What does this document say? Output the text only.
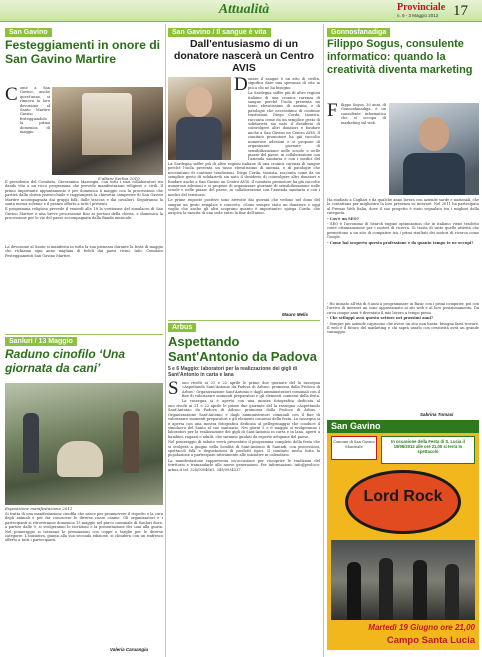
Attualità	Provinciale
n. 9 - 3 Maggio 2012 17
San Gavino
Festeggiamenti in onore di San Gavino Martire
C ome a San Gavino, anche quest'anno, si rinnova la loro devozione al Santo Martire Gavino festeggiandolo la prima domenica di maggio.
S'altare Serboi 2010

Il presidente del Comitato, Giovannino Marongiu, con tutti i suoi collaboratori sta dando vita a un ricco programma che prevede manifestazioni religiose e civili. Il primo importante appuntamento è per domenica 6 maggio con la processione che partirà dalla chiesa parrocchiale e raggiungerà la chiesetta campestre di San Gavino Martire accompagnata dai gruppi folk, dalle traccas e dai cavalieri. Seguiranno la santa messa solenne e il pranzo offerto a tutti i presenti.

Il programma religioso prevede il venerdì alle 18 la vestizione del simulacro di San Gavino Martire e una breve processione fino ai portoni della chiesa, e domenica la processione per le vie del paese accompagnata dalla Banda musicale.

La devozione al Santo si manifesta in tutta la sua pienezza durante la festa di maggio che richiama ogni anno migliaia di fedeli dai paesi vicini. Info: Comitato Festeggiamenti San Gavino Martire.
Sanluri / 13 Maggio
Raduno cinofilo ‘Una giornata da cani’
Esposizione manifestazione 2011
Si tratta di una manifestazione cinofila che nasce per promuovere il rispetto e la cura degli animali e per far conoscere le diverse razze canine. Gli organizzatori e i partecipanti si ritroveranno domenica 13 maggio nel parco comunale di Sanluri dove, a partire dalle 9, si svolgeranno le iscrizioni e la presentazione dei cani alla giuria. Nel pomeriggio si terranno le premiazioni con coppe e targhe per le diverse categorie. L'iniziativa, giunta alla sua seconda edizione, si chiuderà con un rinfresco offerto a tutti i partecipanti.
Valeria Caruangiu
San Gavino / Il sangue è vita
Dall'entusiasmo di un donatore nascerà un Centro AVIS
D onare il sangue è un atto di civiltà, significa dare una speranza di vita in più a chi ne ha bisogno.

La Sardegna soffre più di altre regioni italiane di una cronica carenza di sangue perché l'isola presenta un tasso elevatissimo di anemia, e di patologie che necessitano di continue trasfusioni. Diego Corda, tassista, racconta come da un semplice gesto di solidarietà sia nato il desiderio di coinvolgere altri donatori e fondare anche a San Gavino un Centro AVIS. Il comitato promotore ha già raccolto numerose adesioni e si propone di organizzare giornate di sensibilizzazione nelle scuole e nelle piazze del paese, in collaborazione con l'azienda sanitaria e con i medici del

La Sardegna soffre più di altre regioni italiane di una cronica carenza di sangue perché l'isola presenta un tasso elevatissimo di anemia, e di patologie che necessitano di continue trasfusioni. Diego Corda, tassista, racconta come da un semplice gesto di solidarietà sia nato il desiderio di coinvolgere altri donatori e fondare anche a San Gavino un Centro AVIS. Il comitato promotore ha già raccolto numerose adesioni e si propone di organizzare giornate di sensibilizzazione nelle scuole e nelle piazze del paese, in collaborazione con l'azienda sanitaria e con i medici del territorio.

Le prime risposte positive sono arrivate dai giovani che vedono nel dono del sangue un gesto semplice e concreto. «Sono sempre stato un donatore e oggi voglio che anche gli altri scoprano quanto è importante» spiega Corda, che auspica la nascita di una sede entro la fine dell'anno.

Mauro Melis
Arbus
Aspettando Sant'Antonio da Padova
5 e 6 Maggio: laboratori per la realizzazione dei gigli di Sant'Antonio in carta e lana
S ono rivolti ai 21 e 22 aprile le prime due giornate del la rassegna «Aspettando Sant'Antonio da Padova di Arbus» promossa dalla Proloco di Arbus - Organizzazione Sant'Antonio e dagli amministratori comunali con il fine di valorizzare momenti preparatori e gli elementi connessi della festa. La rassegna si è aperta con una mostra fotografica dedicata al

ono rivolti ai 21 e 22 aprile le prime due giornate del la rassegna «Aspettando Sant'Antonio da Padova di Arbus» promossa dalla Proloco di Arbus - Organizzazione Sant'Antonio e dagli amministratori comunali con il fine di valorizzare momenti preparatori e gli elementi connessi della festa. La rassegna si è aperta con una mostra fotografica dedicata al pellegrinaggio che conduce il simulacro del Santo al suo santuario. Nei giorni 5 e 6 maggio si svolgeranno i laboratori per la realizzazione dei gigli di Sant'Antonio in carta e in lana, aperti a bambini, ragazzi e adulti, che saranno guidati da esperte artigiane del paese.

Nel pomeriggio di sabato verrà presentato il programma completo della festa che si svolgerà a giugno nella località di Sant'Antonio di Santadi, con processioni, spettacoli folk e degustazioni di prodotti tipici. Il comitato invita tutta la popolazione a partecipare attivamente alle iniziative in calendario.

La manifestazione rappresenta un'occasione per riscoprire le tradizioni del territorio e tramandarle alle nuove generazioni. Per informazioni: info@proloco-arbus.it tel. 328/0004661, 349/0934337.

Gonnosfanadiga
Filippo Sogus, consulente informatico: quando la creatività diventa marketing
F ilippo Sogus, 30 anni, di Gonnosfanadiga, è un consulente informatico che si occupa di marketing sul web.

Ha studiato a Cagliari e da qualche anno lavora con aziende sarde e nazionali, che lo contattano per migliorare la loro presenza su internet. Nel 2011 ha partecipato al Premio Web Italia, dove il suo progetto è stato segnalato tra i migliori della categoria.

- Cos'è un SEO?

- SEO è l'acronimo di Search engine optimization che in italiano viene tradotto come ottimizzazione per i motori di ricerca. Si tratta di tutte quelle attività che permettono a un sito di comparire tra i primi risultati dei motori di ricerca come Google.

- Come hai scoperto questa professione e da quanto tempo te ne occupi?

- Ho iniziato all'età di 8 anni a programmare in Basic con i primi computer, poi con l'arrivo di internet mi sono appassionato ai siti web e al loro posizionamento. Da circa cinque anni è diventato il mio lavoro a tempo pieno.

- Che sviluppi avrà questo settore nei prossimi anni?

- Sempre più aziende capiscono che avere un sito non basta: bisogna farsi trovare. Il web è il futuro del marketing e chi saprà usarlo con creatività avrà un grande vantaggio.

Sabrina Tomasi
San Gavino
Comune di San Gavino Monreale
In occasione della Festa di S. Lucia il 19/06/2012 alle ore 21,00 si terrà lo spettacolo
Lord Rock
Martedì 19 Giugno ore 21,00
Campo Santa Lucia
